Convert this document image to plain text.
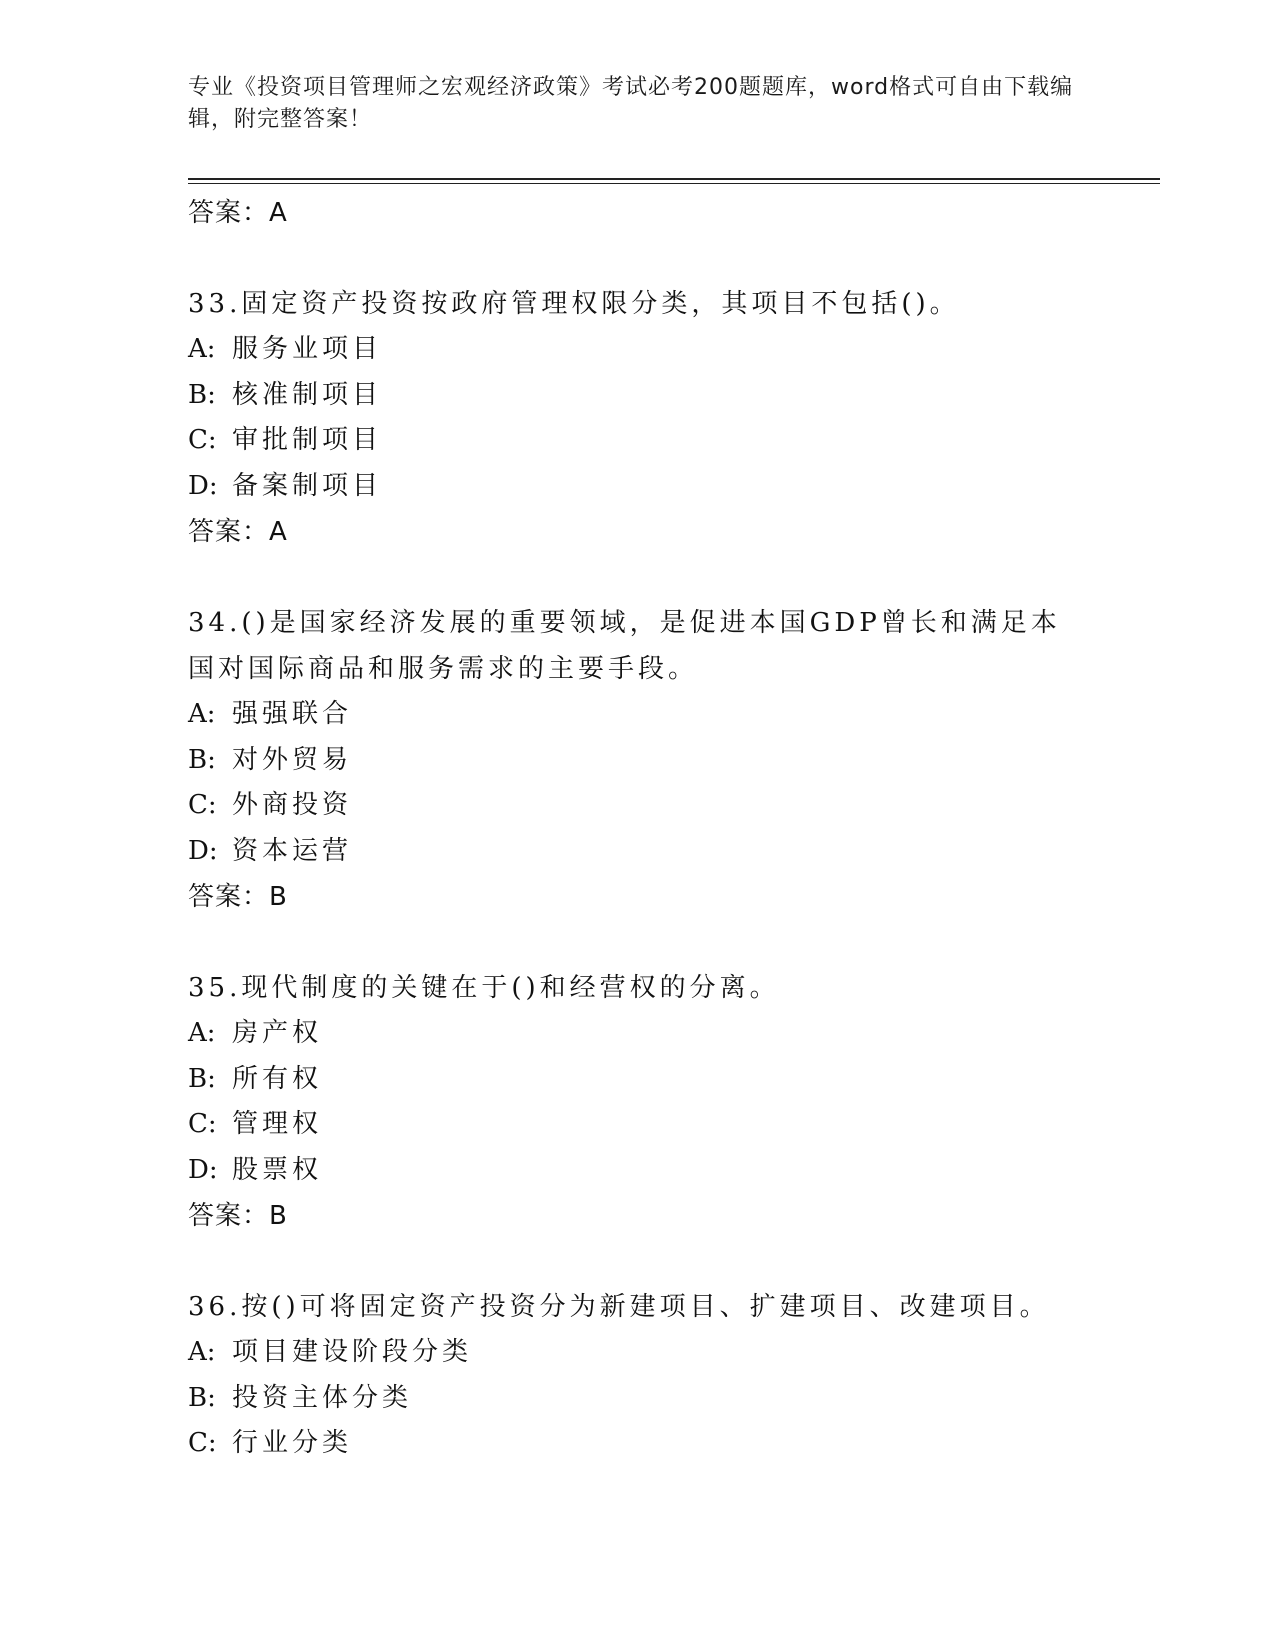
专业《投资项目管理师之宏观经济政策》考试必考200题题库，word格式可自由下载编辑，附完整答案！
答案：A
33.固定资产投资按政府管理权限分类，其项目不包括()。
A: 服务业项目
B: 核准制项目
C: 审批制项目
D: 备案制项目
答案：A
34.()是国家经济发展的重要领域，是促进本国GDP曾长和满足本国对国际商品和服务需求的主要手段。
A: 强强联合
B: 对外贸易
C: 外商投资
D: 资本运营
答案：B
35.现代制度的关键在于()和经营权的分离。
A: 房产权
B: 所有权
C: 管理权
D: 股票权
答案：B
36.按()可将固定资产投资分为新建项目、扩建项目、改建项目。
A: 项目建设阶段分类
B: 投资主体分类
C: 行业分类
